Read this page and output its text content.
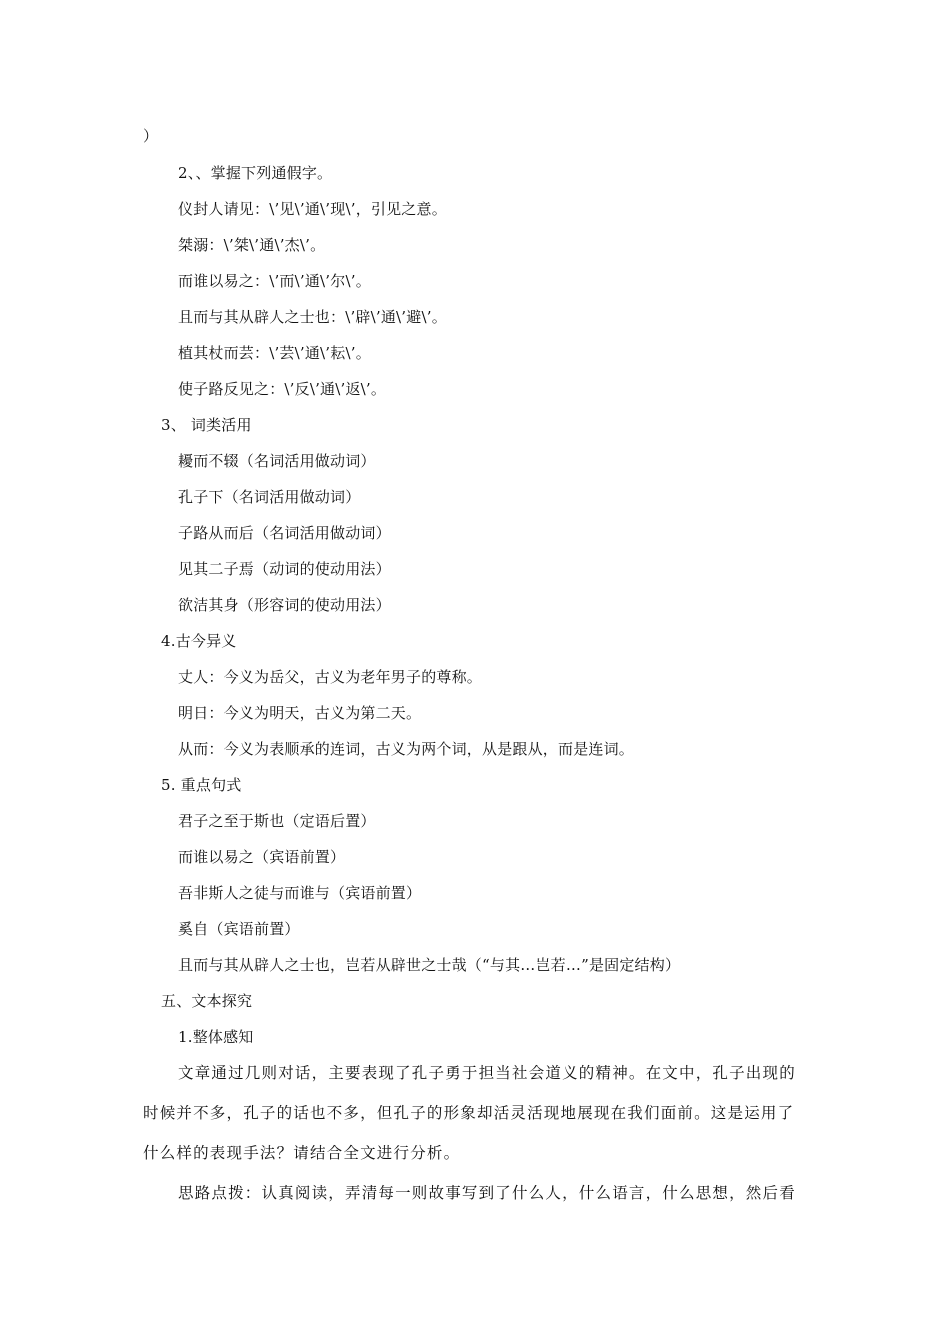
）
2、、掌握下列通假字。
仪封人请见：\’见\’通\’现\’，引见之意。
桀溺：\’桀\’通\’杰\’。
而谁以易之：\’而\’通\’尔\’。
且而与其从辟人之士也：\’辟\’通\’避\’。
植其杖而芸：\’芸\’通\’耘\’。
使子路反见之：\’反\’通\’返\’。
3、 词类活用
耰而不辍（名词活用做动词）
孔子下（名词活用做动词）
子路从而后（名词活用做动词）
见其二子焉（动词的使动用法）
欲洁其身（形容词的使动用法）
4.古今异义
丈人：今义为岳父，古义为老年男子的尊称。
明日：今义为明天，古义为第二天。
从而：今义为表顺承的连词，古义为两个词，从是跟从，而是连词。
5. 重点句式
君子之至于斯也（定语后置）
而谁以易之（宾语前置）
吾非斯人之徒与而谁与（宾语前置）
奚自（宾语前置）
且而与其从辟人之士也，岂若从辟世之士哉（“与其…岂若…”是固定结构）
五、文本探究
1.整体感知
文章通过几则对话，主要表现了孔子勇于担当社会道义的精神。在文中，孔子出现的
时候并不多，孔子的话也不多，但孔子的形象却活灵活现地展现在我们面前。这是运用了
什么样的表现手法？请结合全文进行分析。
思路点拨：认真阅读，弄清每一则故事写到了什么人，什么语言，什么思想，然后看
